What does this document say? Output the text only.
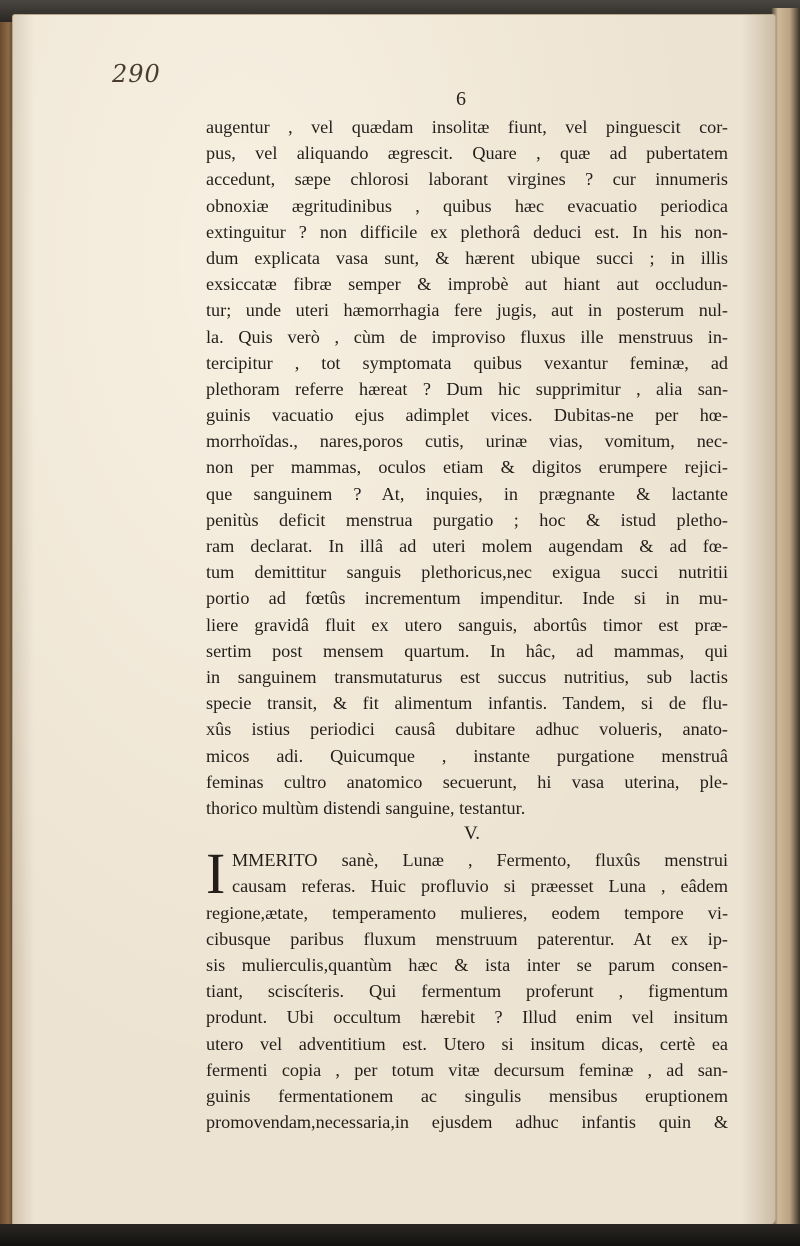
290
6
augentur , vel quædam insolitæ fiunt, vel pinguescit cor-
pus, vel aliquando ægrescit. Quare , quæ ad pubertatem
accedunt, sæpe chlorosi laborant virgines ? cur innumeris
obnoxiæ ægritudinibus , quibus hæc evacuatio periodica
extinguitur ? non difficile ex plethorâ deduci est. In his non-
dum explicata vasa sunt, & hærent ubique succi ; in illis
exsiccatæ fibræ semper & improbè aut hiant aut occludun-
tur; unde uteri hæmorrhagia fere jugis, aut in posterum nul-
la. Quis verò , cùm de improviso fluxus ille menstruus in-
tercipitur , tot symptomata quibus vexantur feminæ, ad
plethoram referre hæreat ? Dum hic supprimitur , alia san-
guinis vacuatio ejus adimplet vices. Dubitas-ne per hœ-
morrhoïdas., nares,poros cutis, urinæ vias, vomitum, nec-
non per mammas, oculos etiam & digitos erumpere rejici-
que sanguinem ? At, inquies, in prægnante & lactante
penitùs deficit menstrua purgatio ; hoc & istud pletho-
ram declarat. In illâ ad uteri molem augendam & ad fœ-
tum demittitur sanguis plethoricus,nec exigua succi nutritii
portio ad fœtûs incrementum impenditur. Inde si in mu-
liere gravidâ fluit ex utero sanguis, abortûs timor est præ-
sertim post mensem quartum. In hâc, ad mammas, qui
in sanguinem transmutaturus est succus nutritius, sub lactis
specie transit, & fit alimentum infantis. Tandem, si de flu-
xûs istius periodici causâ dubitare adhuc volueris, anato-
micos adi. Quicumque , instante purgatione menstruâ
feminas cultro anatomico secuerunt, hi vasa uterina, ple-
thorico multùm distendi sanguine, testantur.
V.
I MMERITO sanè, Lunæ , Fermento, fluxûs menstrui
causam referas. Huic profluvio si præesset Luna , eâdem
regione,ætate, temperamento mulieres, eodem tempore vi-
cibusque paribus fluxum menstruum paterentur. At ex ip-
sis mulierculis,quantùm hæc & ista inter se parum consen-
tiant, sciscíteris. Qui fermentum proferunt , figmentum
produnt. Ubi occultum hærebit ? Illud enim vel insitum
utero vel adventitium est. Utero si insitum dicas, certè ea
fermenti copia , per totum vitæ decursum feminæ , ad san-
guinis fermentationem ac singulis mensibus eruptionem
promovendam,necessaria,in ejusdem adhuc infantis quin &
